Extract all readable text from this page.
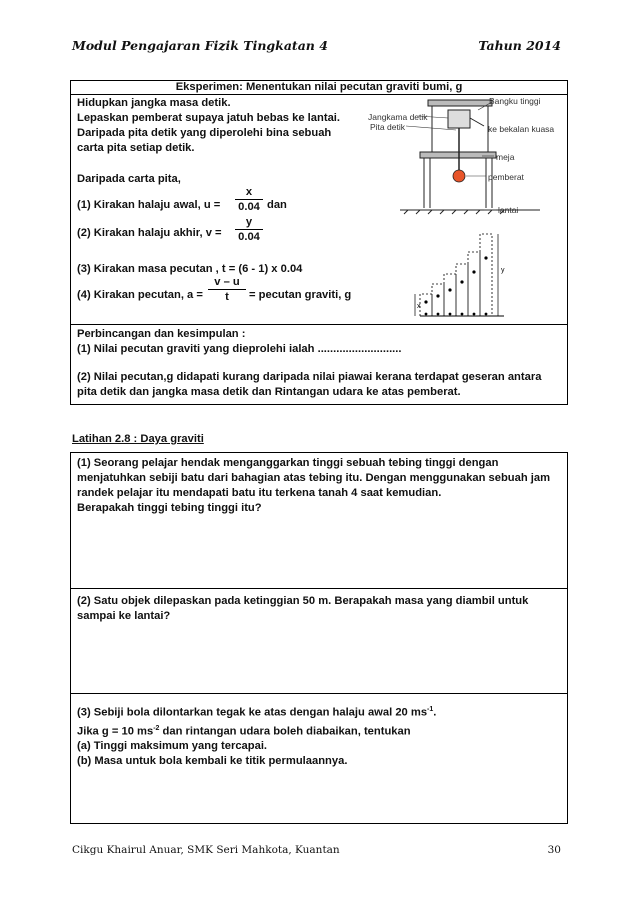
Modul Pengajaran Fizik Tingkatan 4	Tahun 2014
Eksperimen: Menentukan nilai pecutan graviti bumi, g
Hidupkan jangka masa detik.
Lepaskan pemberat supaya jatuh bebas ke lantai.
Daripada pita detik yang diperolehi bina sebuah carta pita setiap detik.
Daripada carta pita,
(1) Kirakan halaju awal, u =
x
0.04 dan
(2) Kirakan halaju akhir, v =
y
0.04
(3) Kirakan masa pecutan , t = (6 - 1) x 0.04
(4) Kirakan pecutan, a =
v – u
t	= pecutan graviti, g
Bangku tinggi
Jangkama detik
Pita detik	ke bekalan kuasa
meja
pemberat
lantai
x
y
Perbincangan dan kesimpulan :
(1) Nilai pecutan graviti yang dieprolehi ialah ...........................
(2) Nilai pecutan,g didapati kurang daripada nilai piawai kerana terdapat geseran antara pita detik dan jangka masa detik dan Rintangan udara ke atas pemberat.
Latihan 2.8 : Daya graviti
(1) Seorang pelajar hendak menganggarkan tinggi sebuah tebing tinggi dengan menjatuhkan sebiji batu dari bahagian atas tebing itu. Dengan menggunakan sebuah jam randek pelajar itu mendapati batu itu terkena tanah 4 saat kemudian.
Berapakah tinggi tebing tinggi itu?
(2) Satu objek dilepaskan pada ketinggian 50 m. Berapakah masa yang diambil untuk sampai ke lantai?
(3) Sebiji bola dilontarkan tegak ke atas dengan halaju awal 20 $ms^{-1}$.
Jika g = 10 $ms^{-2}$ dan rintangan udara boleh diabaikan, tentukan
(a) Tinggi maksimum yang tercapai.
(b) Masa untuk bola kembali ke titik permulaannya.
Cikgu Khairul Anuar, SMK Seri Mahkota, Kuantan	30
